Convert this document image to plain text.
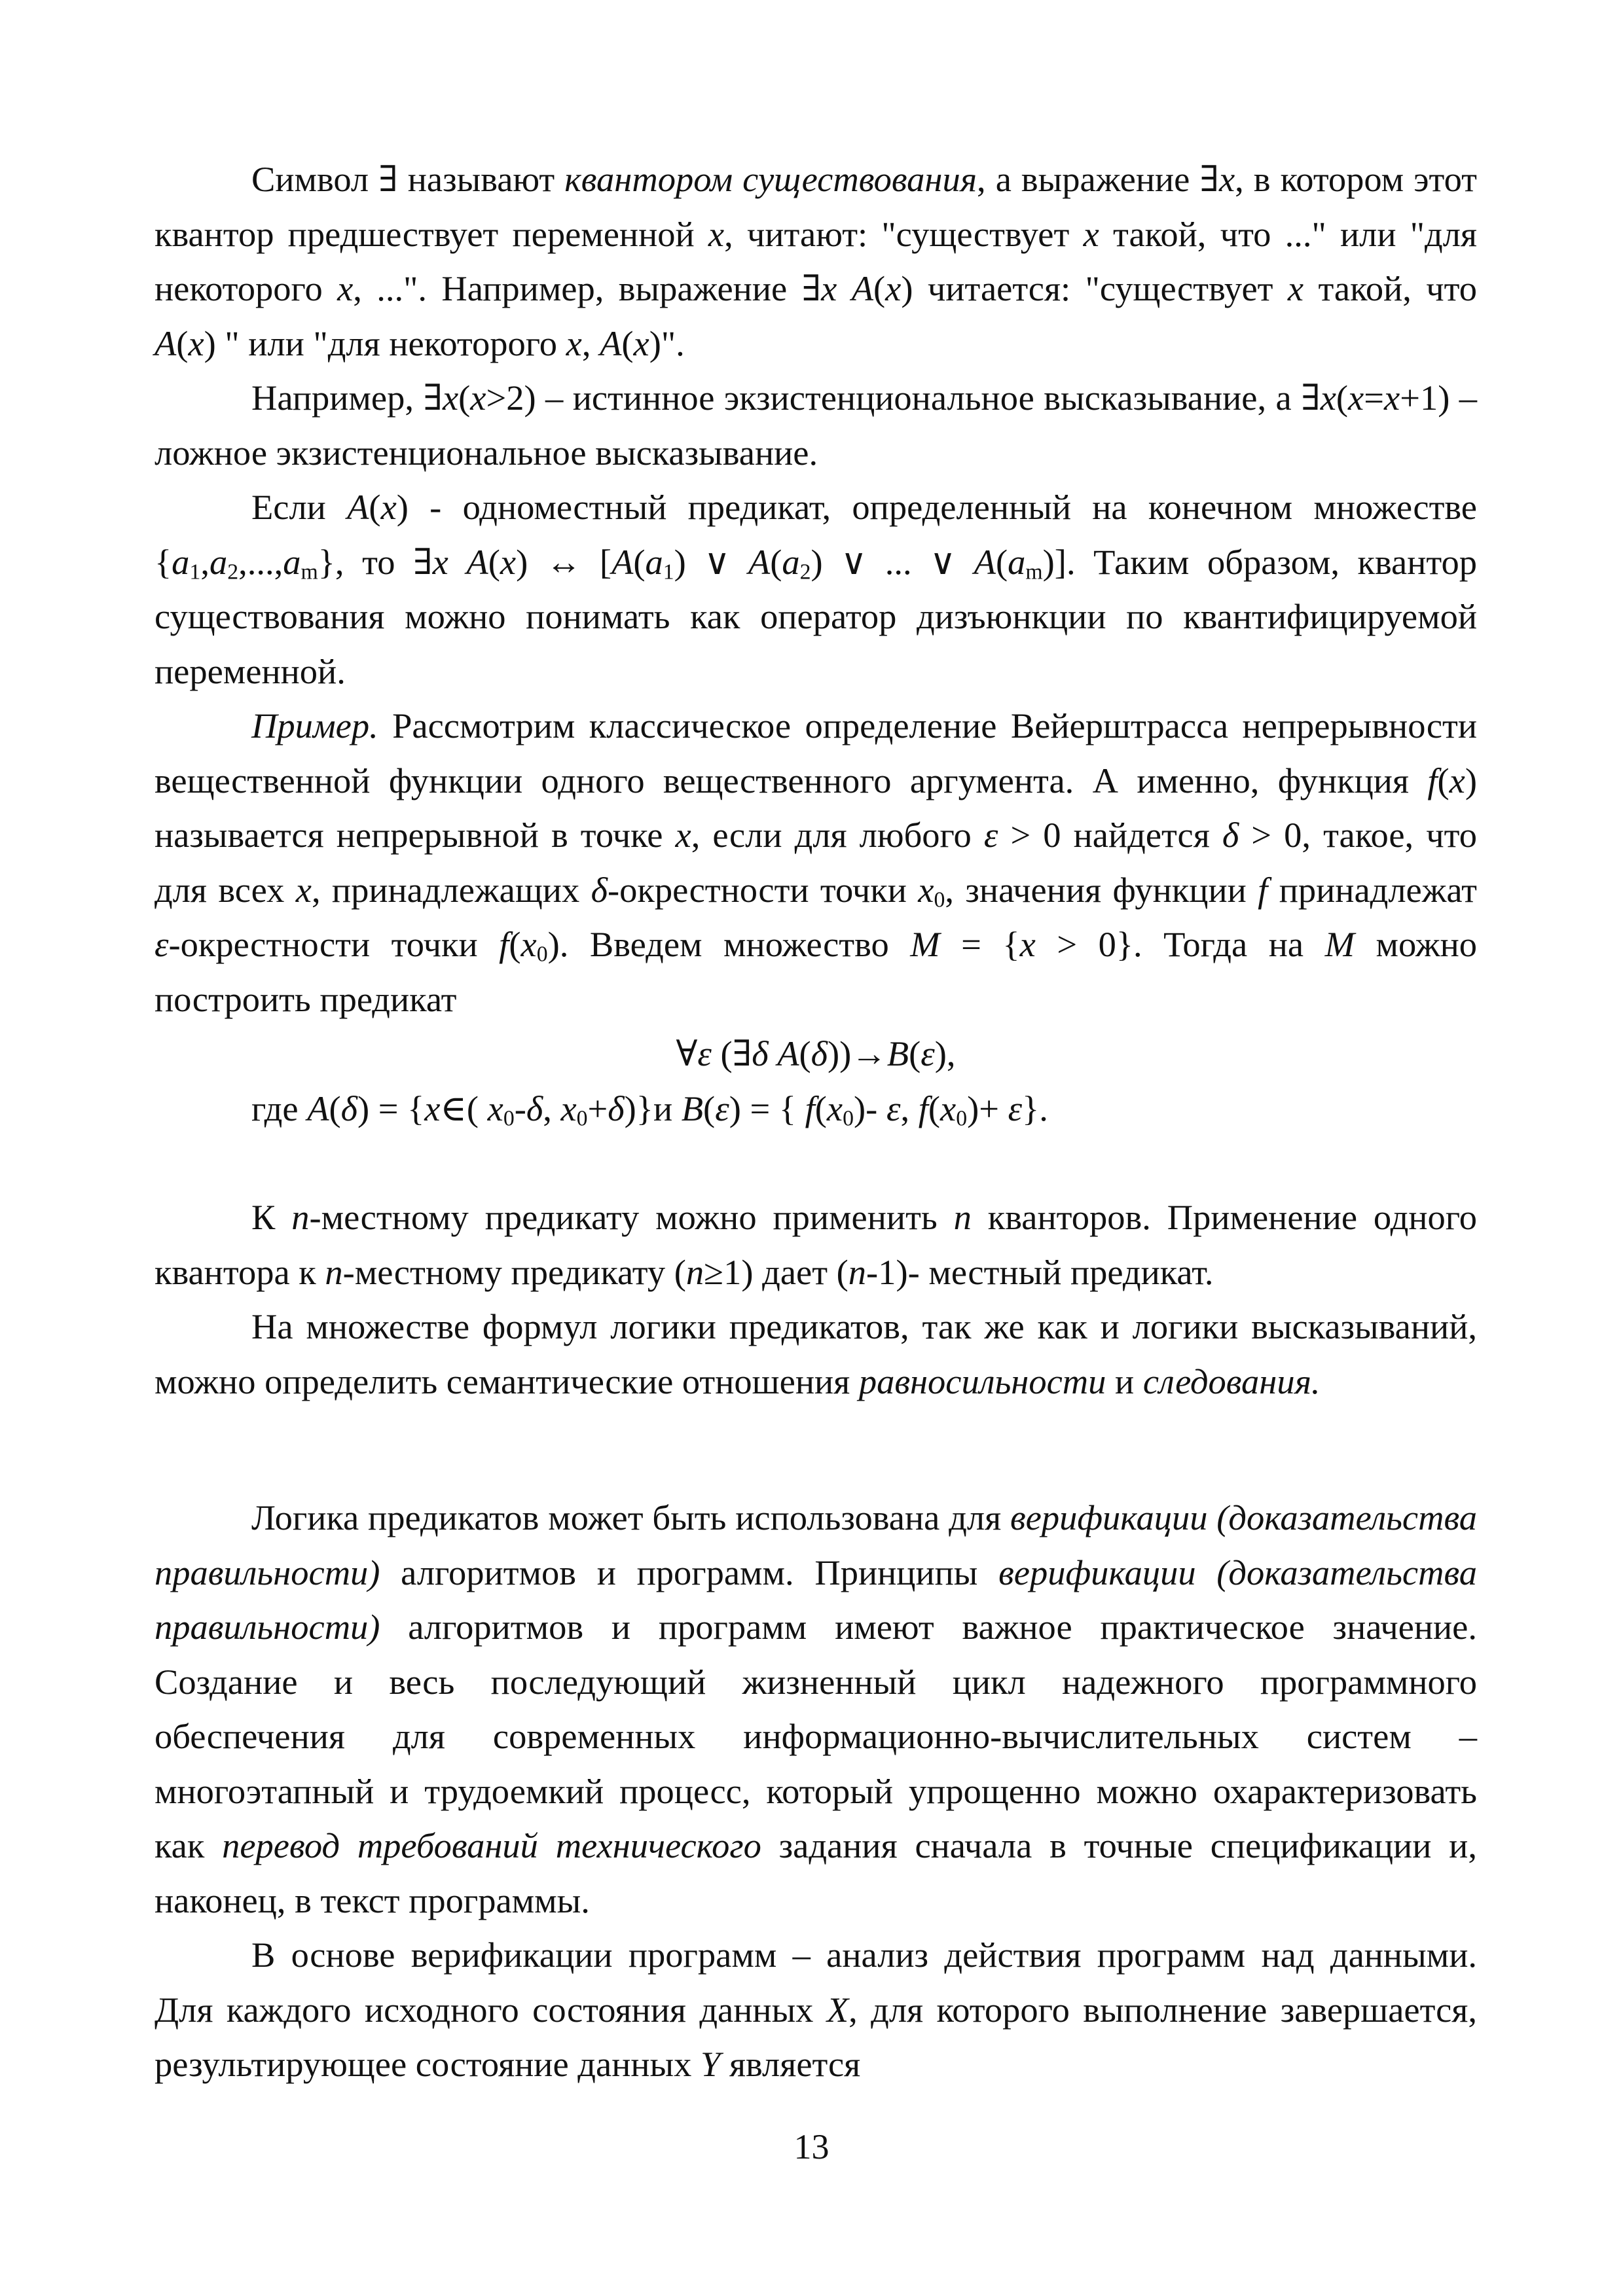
Символ ∃ называют квантором существования, а выражение ∃x, в котором этот квантор предшествует переменной x, читают: "существует x такой, что ..." или "для некоторого x, ...". Например, выражение ∃x A(x) читается: "существует x такой, что A(x) " или "для некоторого x, A(x)".

Например, ∃x(x>2) – истинное экзистенциональное высказывание, а ∃x(x=x+1) – ложное экзистенциональное высказывание.

Если A(x) - одноместный предикат, определенный на конечном множестве $\{a_1,a_2,...,a_m\}$, то ∃x A(x) ↔ [$A(a_1)$ ∨ $A(a_2)$ ∨ ... ∨ $A(a_m)$]. Таким образом, квантор существования можно понимать как оператор дизъюнкции по квантифицируемой переменной.

Пример. Рассмотрим классическое определение Вейерштрасса непрерывности вещественной функции одного вещественного аргумента. А именно, функция f(x) называется непрерывной в точке x, если для любого ε > 0 найдется δ > 0, такое, что для всех x, принадлежащих δ-окрестности точки $x_0$, значения функции f принадлежат ε-окрестности точки $f(x_0)$. Введем множество M = {x > 0}. Тогда на M можно построить предикат

∀ε (∃δ A(δ))→B(ε),

где A(δ) = {x∈( $x_0-\delta$, $x_0+\delta)\}и$ B(ε) = { $f(x_0)-$ ε, $f(x_0)+ \varepsilon$}.

К n-местному предикату можно применить n кванторов. Применение одного квантора к n-местному предикату (n≥1) дает (n-1)- местный предикат.

На множестве формул логики предикатов, так же как и логики высказываний, можно определить семантические отношения равносильности и следования.

Логика предикатов может быть использована для верификации (доказательства правильности) алгоритмов и программ. Принципы верификации (доказательства правильности) алгоритмов и программ имеют важное практическое значение. Создание и весь последующий жизненный цикл надежного программного обеспечения для современных информационно-вычислительных систем – многоэтапный и трудоемкий процесс, который упрощенно можно охарактеризовать как перевод требований технического задания сначала в точные спецификации и, наконец, в текст программы.

В основе верификации программ – анализ действия программ над данными. Для каждого исходного состояния данных X, для которого выполнение завершается, результирующее состояние данных Y является

13
